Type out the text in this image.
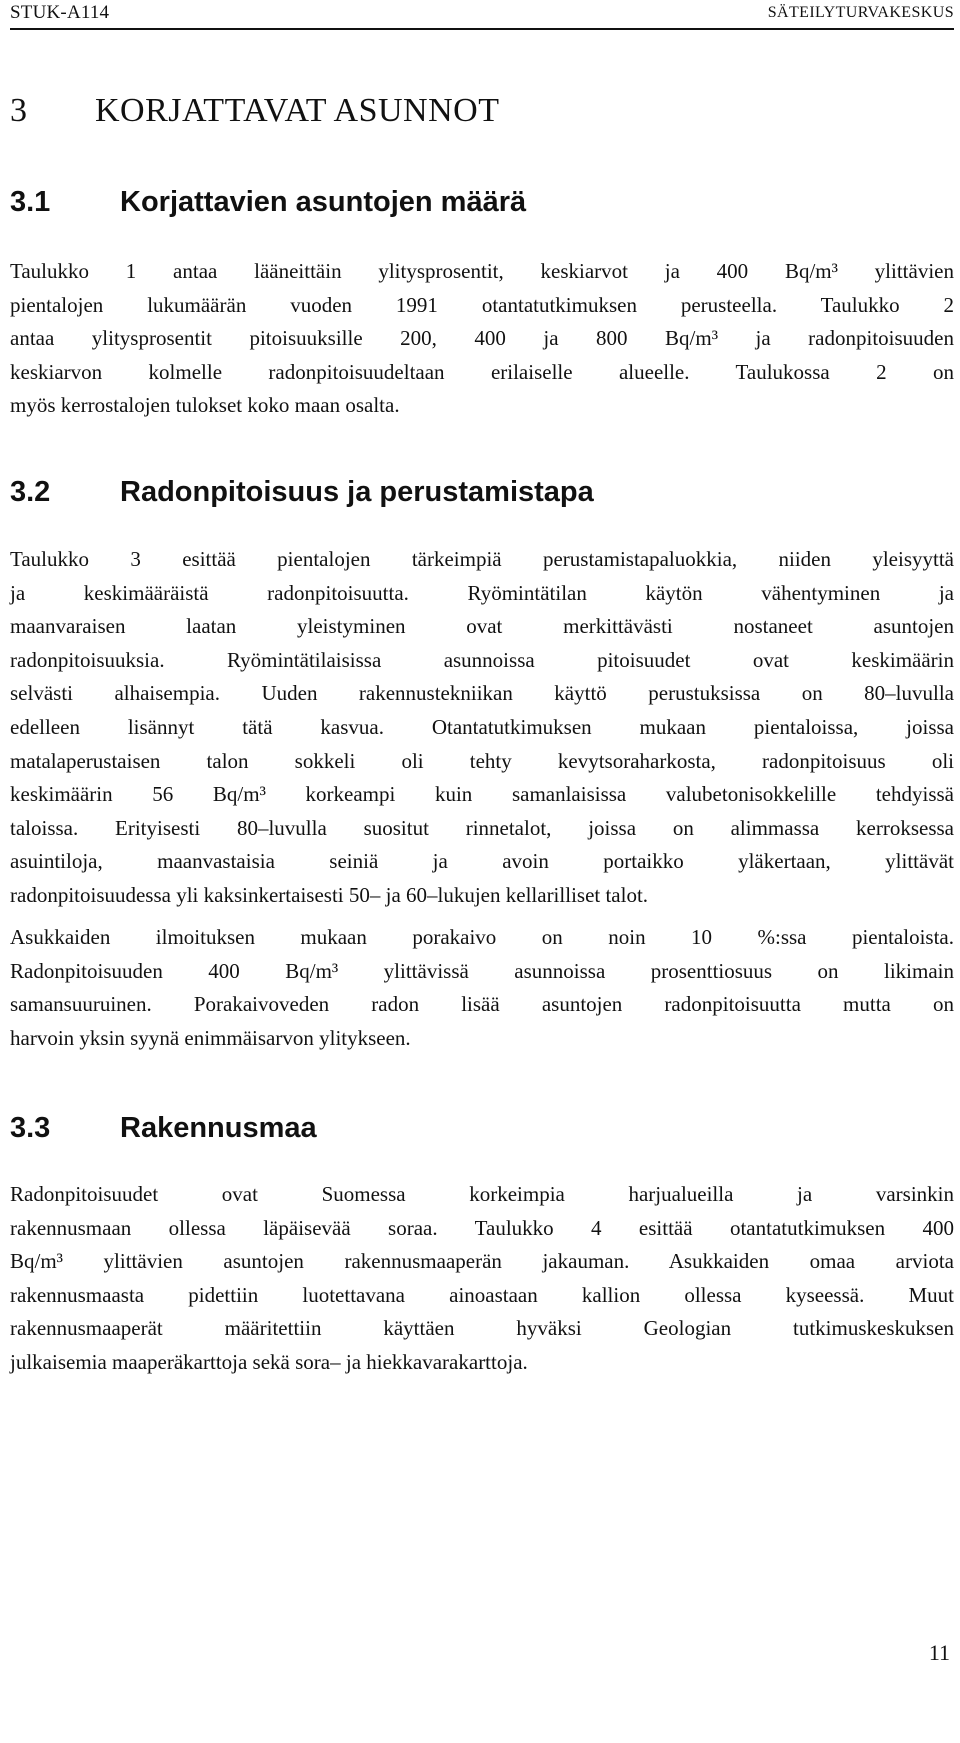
STUK-A114	SÄTEILYTURVAKESKUS
3 KORJATTAVAT ASUNNOT
3.1 Korjattavien asuntojen määrä
Taulukko 1 antaa lääneittäin ylitysprosentit, keskiarvot ja 400 Bq/m³ ylittävien
pientalojen lukumäärän vuoden 1991 otantatutkimuksen perusteella. Taulukko 2
antaa ylitysprosentit pitoisuuksille 200, 400 ja 800 Bq/m³ ja radonpitoisuuden
keskiarvon kolmelle radonpitoisuudeltaan erilaiselle alueelle. Taulukossa 2 on
myös kerrostalojen tulokset koko maan osalta.
3.2 Radonpitoisuus ja perustamistapa
Taulukko 3 esittää pientalojen tärkeimpiä perustamistapaluokkia, niiden yleisyyttä
ja keskimääräistä radonpitoisuutta. Ryömintätilan käytön vähentyminen ja
maanvaraisen laatan yleistyminen ovat merkittävästi nostaneet asuntojen
radonpitoisuuksia. Ryömintätilaisissa asunnoissa pitoisuudet ovat keskimäärin
selvästi alhaisempia. Uuden rakennustekniikan käyttö perustuksissa on 80–luvulla
edelleen lisännyt tätä kasvua. Otantatutkimuksen mukaan pientaloissa, joissa
matalaperustaisen talon sokkeli oli tehty kevytsoraharkosta, radonpitoisuus oli
keskimäärin 56 Bq/m³ korkeampi kuin samanlaisissa valubetonisokkelille tehdyissä
taloissa. Erityisesti 80–luvulla suositut rinnetalot, joissa on alimmassa kerroksessa
asuintiloja, maanvastaisia seiniä ja avoin portaikko yläkertaan, ylittävät
radonpitoisuudessa yli kaksinkertaisesti 50– ja 60–lukujen kellarilliset talot.
Asukkaiden ilmoituksen mukaan porakaivo on noin 10 %:ssa pientaloista.
Radonpitoisuuden 400 Bq/m³ ylittävissä asunnoissa prosenttiosuus on likimain
samansuuruinen. Porakaivoveden radon lisää asuntojen radonpitoisuutta mutta on
harvoin yksin syynä enimmäisarvon ylitykseen.
3.3 Rakennusmaa
Radonpitoisuudet ovat Suomessa korkeimpia harjualueilla ja varsinkin
rakennusmaan ollessa läpäisevää soraa. Taulukko 4 esittää otantatutkimuksen 400
Bq/m³ ylittävien asuntojen rakennusmaaperän jakauman. Asukkaiden omaa arviota
rakennusmaasta pidettiin luotettavana ainoastaan kallion ollessa kyseessä. Muut
rakennusmaaperät määritettiin käyttäen hyväksi Geologian tutkimuskeskuksen
julkaisemia maaperäkarttoja sekä sora– ja hiekkavarakarttoja.
11
